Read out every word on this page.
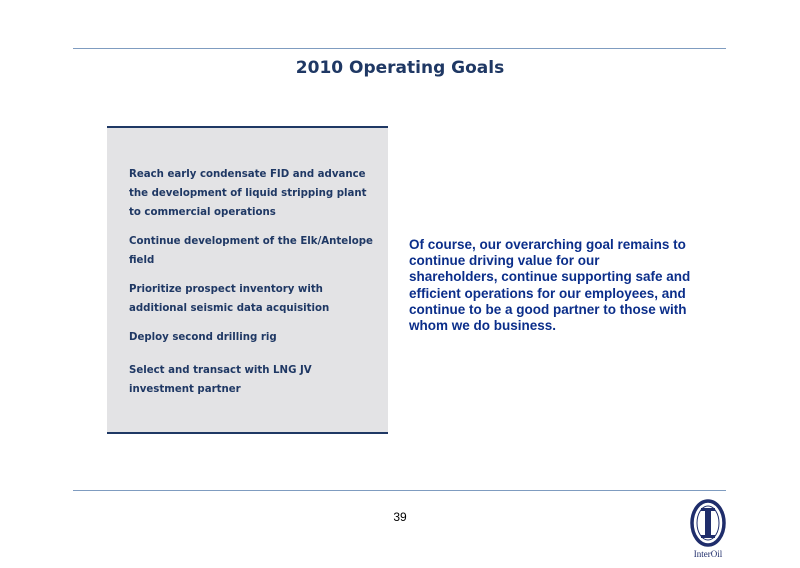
2010 Operating Goals
Reach early condensate FID and advance the development of liquid stripping plant to commercial operations
Continue development of the Elk/Antelope field
Prioritize prospect inventory with additional seismic data acquisition
Deploy second drilling rig
Select and transact with LNG JV investment partner
Of course, our overarching goal remains to continue driving value for our shareholders, continue supporting safe and efficient operations for our employees, and continue to be a good partner to those with whom we do business.
39
InterOil
